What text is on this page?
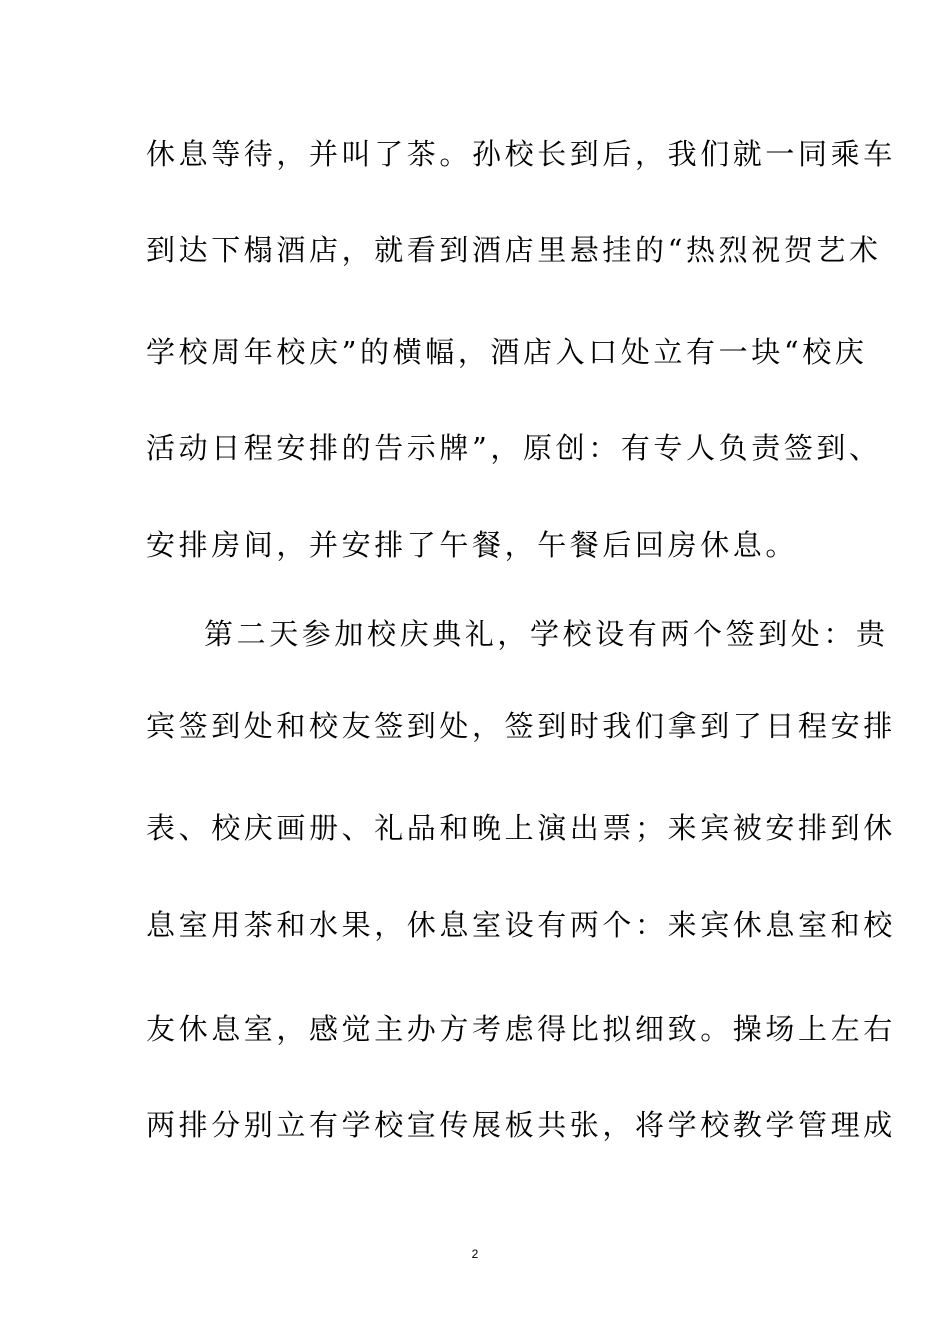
休息等待，并叫了茶。孙校长到后，我们就一同乘车
到达下榻酒店，就看到酒店里悬挂的“热烈祝贺艺术
学校周年校庆”的横幅，酒店入口处立有一块“校庆
活动日程安排的告示牌”，原创：有专人负责签到、
安排房间，并安排了午餐，午餐后回房休息。
第二天参加校庆典礼，学校设有两个签到处：贵
宾签到处和校友签到处，签到时我们拿到了日程安排
表、校庆画册、礼品和晚上演出票；来宾被安排到休
息室用茶和水果，休息室设有两个：来宾休息室和校
友休息室，感觉主办方考虑得比拟细致。操场上左右
两排分别立有学校宣传展板共张，将学校教学管理成
2
